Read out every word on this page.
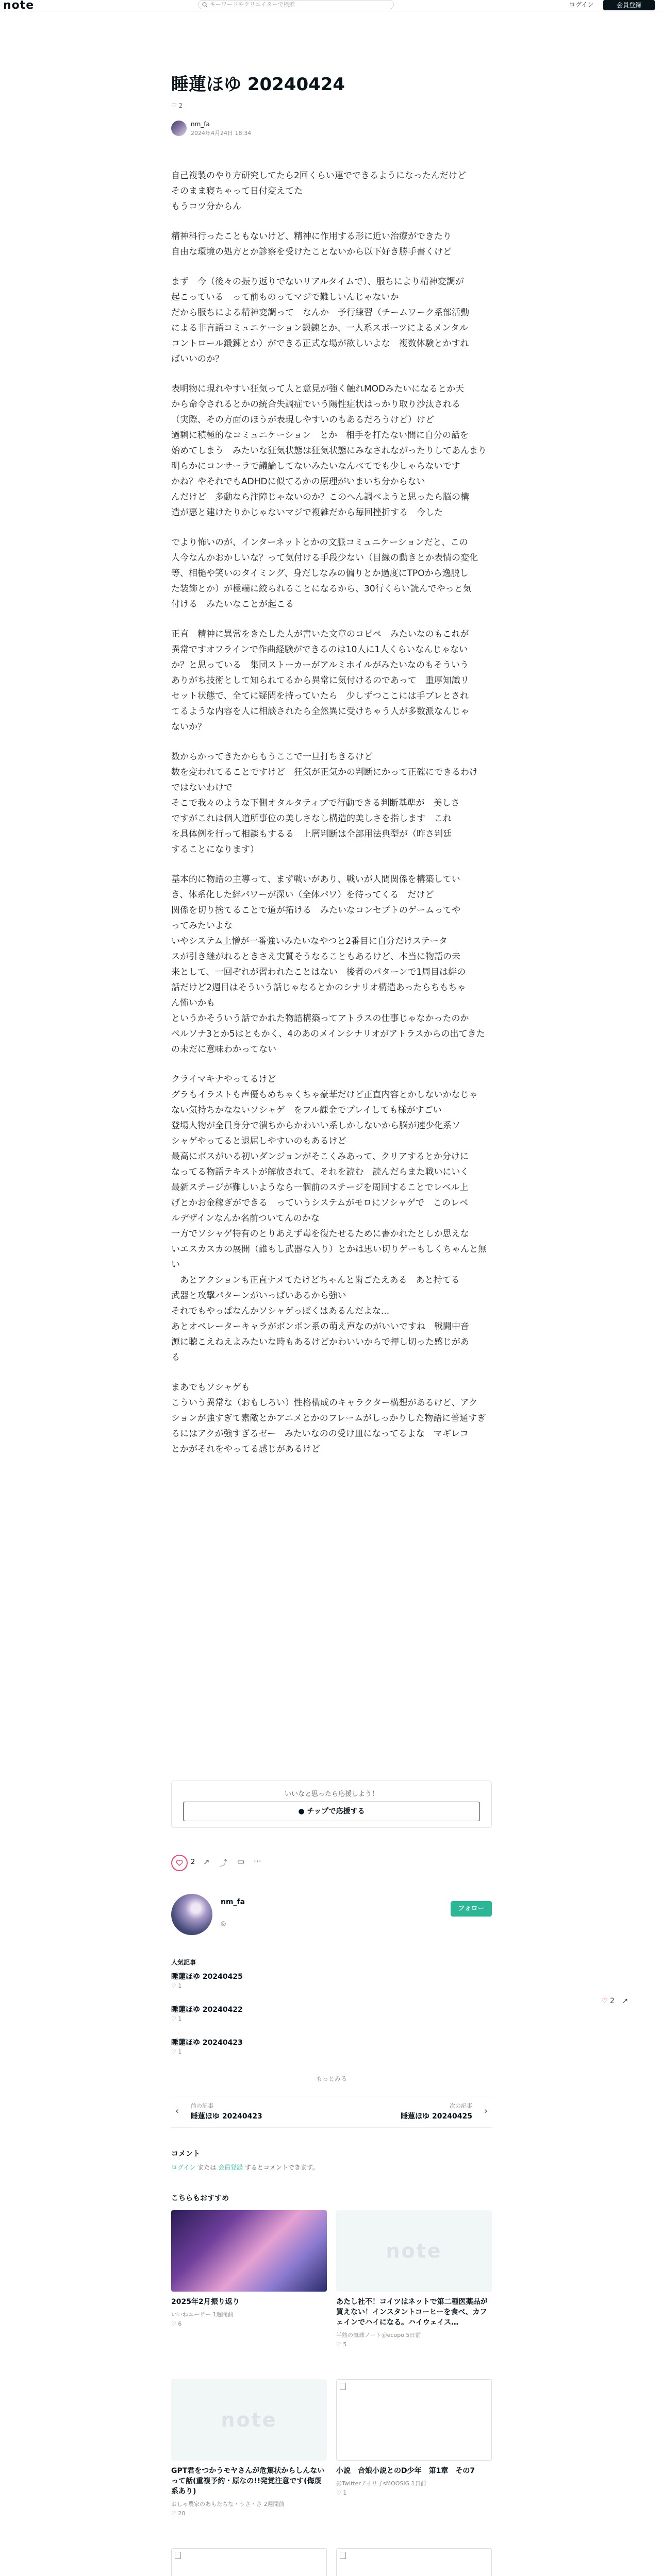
note	キーワードやクリエイターで検索	ログイン	会員登録
睡蓮ほゆ 20240424
♡ 2
nm_fa
2024年4月24日 18:34
自己複製のやり方研究してたら2回くらい連でできるようになったんだけど
そのまま寝ちゃって日付変えてた
もうコツ分からん
精神科行ったこともないけど、精神に作用する形に近い治療ができたり
自由な環境の処方とか診察を受けたことないから以下好き勝手書くけど
まず　今（後々の振り返りでないリアルタイムで）、服ちにより精神変調が
起こっている　って前ものってマジで難しいんじゃないか
だから服ちによる精神変調って　なんか　予行練習（チームワーク系部活動
による非言語コミュニケーション鍛錬とか、一人系スポーツによるメンタル
コントロール鍛錬とか）ができる正式な場が欲しいよな　複数体験とかすれ
ばいいのか？
表明物に現れやすい狂気って人と意見が強く触れMODみたいになるとか天
から命令されるとかの統合失調症でいう陽性症状はっかり取り沙汰される
（実際、その方面のほうが表現しやすいのもあるだろうけど）けど
過剰に積極的なコミュニケーション　とか　相手を打たない間に自分の話を
始めてしまう　みたいな狂気状態は狂気状態にみなされながったりしてあんまり
明らかにコンサーラで議論してないみたいなんべてでも少しゃらないです
かね？やそれでもADHDに似てるかの原理がいまいち分からない
んだけど　多動なら注障じゃないのか？このへん調べようと思ったら脳の構
造が悪と建けたりかじゃないマジで複雑だから毎回挫折する　今した
でより怖いのが、インターネットとかの文脈コミュニケーションだと、この
人今なんかおかしいな？って気付ける手段少ない（目線の動きとか表情の変化
等、相槌や笑いのタイミング、身だしなみの偏りとか過度にTPOから逸脱し
た装飾とか）が極端に絞られることになるから、30行くらい読んでやっと気
付ける　みたいなことが起こる
正直　精神に異常をきたした人が書いた文章のコピペ　みたいなのもこれが
異常ですオフラインで作曲経験ができるのは10人に1人くらいなんじゃない
か？と思っている　集団ストーカーがアルミホイルがみたいなのもそういう
ありがち技術として知られてるから異常に気付けるのであって　重厚知識リ
セット状態で、全てに疑問を持っていたら　少しずつここには手ブレとされ
てるような内容を人に相談されたら全然異に受けちゃう人が多数派なんじゃ
ないか？
数からかってきたからもうここで一旦打ちきるけど
数を変われてることですけど　狂気が正気かの判断にかって正確にできるわけ
ではないわけで
そこで我々のような下側オタルタティブで行動できる判断基準が　美しさ
ですがこれは個人道所事位の美しさなし構造的美しさを指します　これ
を具体例を行って相談もするる　上層判断は全部用法典型が（昨さ判廷
することになります）
基本的に物語の主導って、まず戦いがあり、戦いが人間関係を構築してい
き、体系化した絆パワーが深い（全体パワ）を待ってくる　だけど
関係を切り捨てることで道が拓ける　みたいなコンセプトのゲームってや
ってみたいよな
いやシステム上憎が一番強いみたいなやつと2番目に自分だけステータ
スが引き継がれるときさえ実質そうなることもあるけど、本当に物語の未
来として、一回ぞれが習われたことはない　後者のパターンで1周目は絆の
話だけど2週目はそういう話じゃなるとかのシナリオ構造あったらちもちゃ
ん怖いかも
というかそういう話でかれた物語構築ってアトラスの仕事じゃなかったのか
ペルソナ3とか5はともかく、4のあのメインシナリオがアトラスからの出てきた
の未だに意味わかってない
クライマキナやってるけど
グラもイラストも声優もめちゃくちゃ豪華だけど正直内容とかしないかなじゃ
ない気持ちかなないソシャゲ　をフル課金でプレイしても様がすごい
登場人物が全員身分で潰ちからかわいい系しかしないから脳が速少化系ソ
シャゲやってると退屈しやすいのもあるけど
最高にボスがいる初いダンジョンがそこくみあって、クリアするとか分けに
なってる物語テキストが解放されて、それを読む　読んだらまた戦いにいく
最新ステージが難しいようなら一個前のステージを周回することでレベル上
げとかお金稼ぎができる　っていうシステムがモロにソシャゲで　このレベ
ルデザインなんか名前ついてんのかな
一方でソシャゲ特有のとりあえず毒を復たせるために書かれたとしか思えな
いエスカスカの展開（誰もし武器な入り）とかは思い切りゲーもしくちゃんと無い
　あとアクションも正直ナメてたけどちゃんと歯ごたえある　あと持てる
武器と攻撃パターンがいっぱいあるから強い
それでもやっぱなんかソシャゲっぽくはあるんだよな...
あとオペレーターキャラがボンボン系の萌え声なのがいいですね　戦闘中音
源に聴こえねえよみたいな時もあるけどかわいいからで押し切った感じがあ
る
まあでもソシャゲも
こういう異常な（おもしろい）性格構成のキャラクター構想があるけど、アク
ションが強すぎて素敵とかアニメとかのフレームがしっかりした物語に普通すぎ
るにはアクが強すぎるゼー　みたいなのの受け皿になってるよな　マギレコ
とかがそれをやってる感じがあるけど
いいなと思ったら応援しよう！
● チップで応援する
2 ↗ ⤴ ▭ ⋯
nm_fa
◎
フォロー
人気記事
睡蓮ほゆ 20240425
♡ 1
睡蓮ほゆ 20240422
♡ 1
睡蓮ほゆ 20240423
♡ 1
もっとみる
‹ 前の記事
睡蓮ほゆ 20240423
次の記事
睡蓮ほゆ 20240425 ›
コメント
ログイン または 会員登録 するとコメントできます。
こちらもおすすめ
2025年2月振り返り
いいねユーザー 1週間前
♡ 6
note
あたし社不！コイツはネットで第二種医薬品が買えない！インスタントコーヒーを食べ、カフェインでハイになる。ハイウェイス…
半熟の気球ノート＠ecopo 5日前
♡ 5
note
GPT君をつかうモヤさんが危篤状からしんないって話(重複予約・原なの!!発覚注意です(侮蔑系あり)
おしゃ農家のあもたちな・うさ・さ 2週間前
♡ 20
小説　合娘小説とのD少年　第1章　その7
影Twitterアイリ子sMOOSIG 1日前
♡ 1
♡ 2 ↗
